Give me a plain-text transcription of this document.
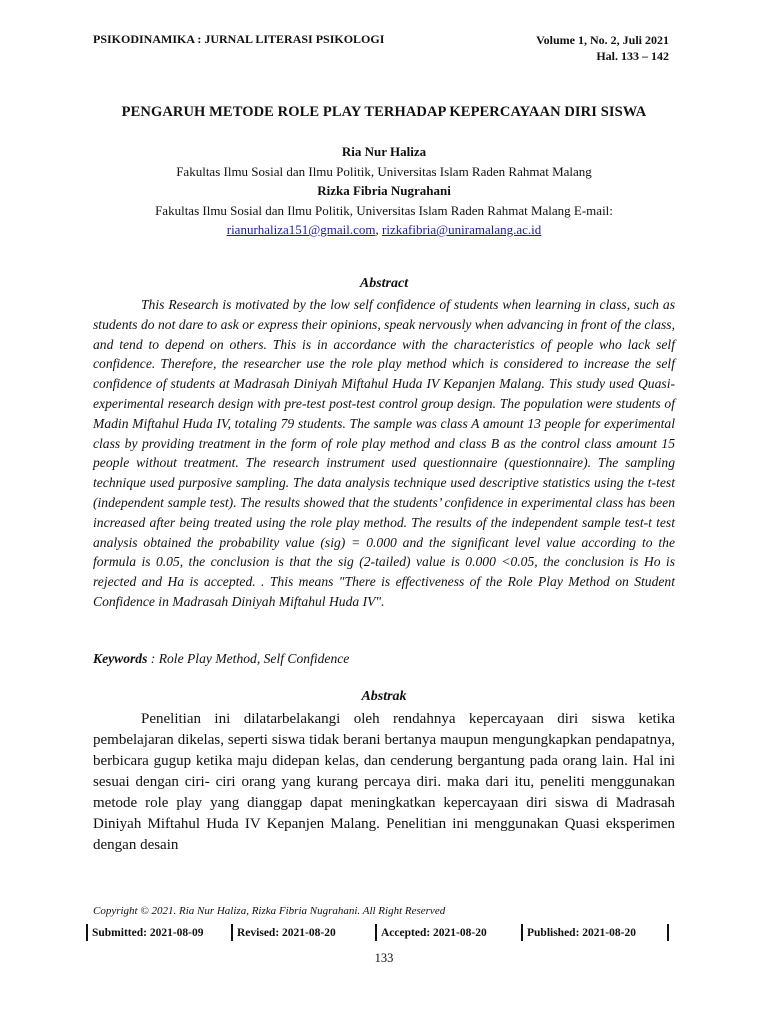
PSIKODINAMIKA : JURNAL LITERASI PSIKOLOGI	Volume 1, No. 2, Juli 2021
Hal. 133 – 142
PENGARUH METODE ROLE PLAY TERHADAP KEPERCAYAAN DIRI SISWA
Ria Nur Haliza
Fakultas Ilmu Sosial dan Ilmu Politik, Universitas Islam Raden Rahmat Malang
Rizka Fibria Nugrahani
Fakultas Ilmu Sosial dan Ilmu Politik, Universitas Islam Raden Rahmat Malang E-mail:
rianurhaliza151@gmail.com, rizkafibria@uniramalang.ac.id
Abstract

This Research is motivated by the low self confidence of students when learning in class, such as students do not dare to ask or express their opinions, speak nervously when advancing in front of the class, and tend to depend on others. This is in accordance with the characteristics of people who lack self confidence. Therefore, the researcher use the role play method which is considered to increase the self confidence of students at Madrasah Diniyah Miftahul Huda IV Kepanjen Malang. This study used Quasi-experimental research design with pre-test post-test control group design. The population were students of Madin Miftahul Huda IV, totaling 79 students. The sample was class A amount 13 people for experimental class by providing treatment in the form of role play method and class B as the control class amount 15 people without treatment. The research instrument used questionnaire (questionnaire). The sampling technique used purposive sampling. The data analysis technique used descriptive statistics using the t-test (independent sample test). The results showed that the students’ confidence in experimental class has been increased after being treated using the role play method. The results of the independent sample test-t test analysis obtained the probability value (sig) = 0.000 and the significant level value according to the formula is 0.05, the conclusion is that the sig (2-tailed) value is 0.000 <0.05, the conclusion is Ho is rejected and Ha is accepted. . This means "There is effectiveness of the Role Play Method on Student Confidence in Madrasah Diniyah Miftahul Huda IV".

Keywords : Role Play Method, Self Confidence
Abstrak

Penelitian ini dilatarbelakangi oleh rendahnya kepercayaan diri siswa ketika pembelajaran dikelas, seperti siswa tidak berani bertanya maupun mengungkapkan pendapatnya, berbicara gugup ketika maju didepan kelas, dan cenderung bergantung pada orang lain. Hal ini sesuai dengan ciri- ciri orang yang kurang percaya diri. maka dari itu, peneliti menggunakan metode role play yang dianggap dapat meningkatkan kepercayaan diri siswa di Madrasah Diniyah Miftahul Huda IV Kepanjen Malang. Penelitian ini menggunakan Quasi eksperimen dengan desain

Copyright © 2021. Ria Nur Haliza, Rizka Fibria Nugrahani. All Right Reserved
Submitted: 2021-08-09	Revised: 2021-08-20	Accepted: 2021-08-20	Published: 2021-08-20
133
